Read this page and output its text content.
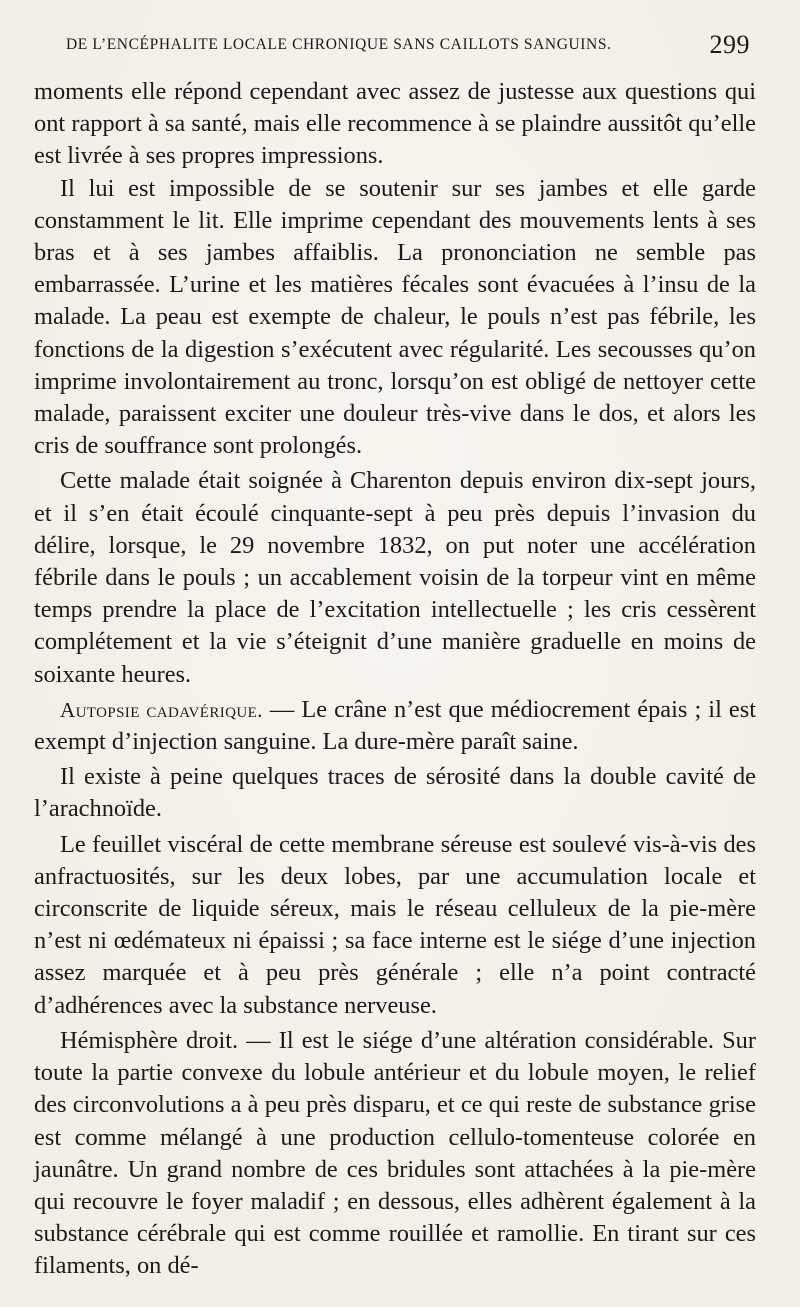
DE L’ENCÉPHALITE LOCALE CHRONIQUE SANS CAILLOTS SANGUINS.	299

moments elle répond cependant avec assez de justesse aux questions qui ont rapport à sa santé, mais elle recommence à se plaindre aussitôt qu’elle est livrée à ses propres impressions.

Il lui est impossible de se soutenir sur ses jambes et elle garde constamment le lit. Elle imprime cependant des mouvements lents à ses bras et à ses jambes affaiblis. La prononciation ne semble pas embarrassée. L’urine et les matières fécales sont évacuées à l’insu de la malade. La peau est exempte de chaleur, le pouls n’est pas fébrile, les fonctions de la digestion s’exécutent avec régularité. Les secousses qu’on imprime involontairement au tronc, lorsqu’on est obligé de nettoyer cette malade, paraissent exciter une douleur très-vive dans le dos, et alors les cris de souffrance sont prolongés.

Cette malade était soignée à Charenton depuis environ dix-sept jours, et il s’en était écoulé cinquante-sept à peu près depuis l’invasion du délire, lorsque, le 29 novembre 1832, on put noter une accélération fébrile dans le pouls ; un accablement voisin de la torpeur vint en même temps prendre la place de l’excitation intellectuelle ; les cris cessèrent complétement et la vie s’éteignit d’une manière graduelle en moins de soixante heures.

Autopsie cadavérique. — Le crâne n’est que médiocrement épais ; il est exempt d’injection sanguine. La dure-mère paraît saine.

Il existe à peine quelques traces de sérosité dans la double cavité de l’arachnoïde.

Le feuillet viscéral de cette membrane séreuse est soulevé vis-à-vis des anfractuosités, sur les deux lobes, par une accumulation locale et circonscrite de liquide séreux, mais le réseau celluleux de la pie-mère n’est ni œdémateux ni épaissi ; sa face interne est le siége d’une injection assez marquée et à peu près générale ; elle n’a point contracté d’adhérences avec la substance nerveuse.

Hémisphère droit. — Il est le siége d’une altération considérable. Sur toute la partie convexe du lobule antérieur et du lobule moyen, le relief des circonvolutions a à peu près disparu, et ce qui reste de substance grise est comme mélangé à une production cellulo-tomenteuse colorée en jaunâtre. Un grand nombre de ces bridules sont attachées à la pie-mère qui recouvre le foyer maladif ; en dessous, elles adhèrent également à la substance cérébrale qui est comme rouillée et ramollie. En tirant sur ces filaments, on dé-
